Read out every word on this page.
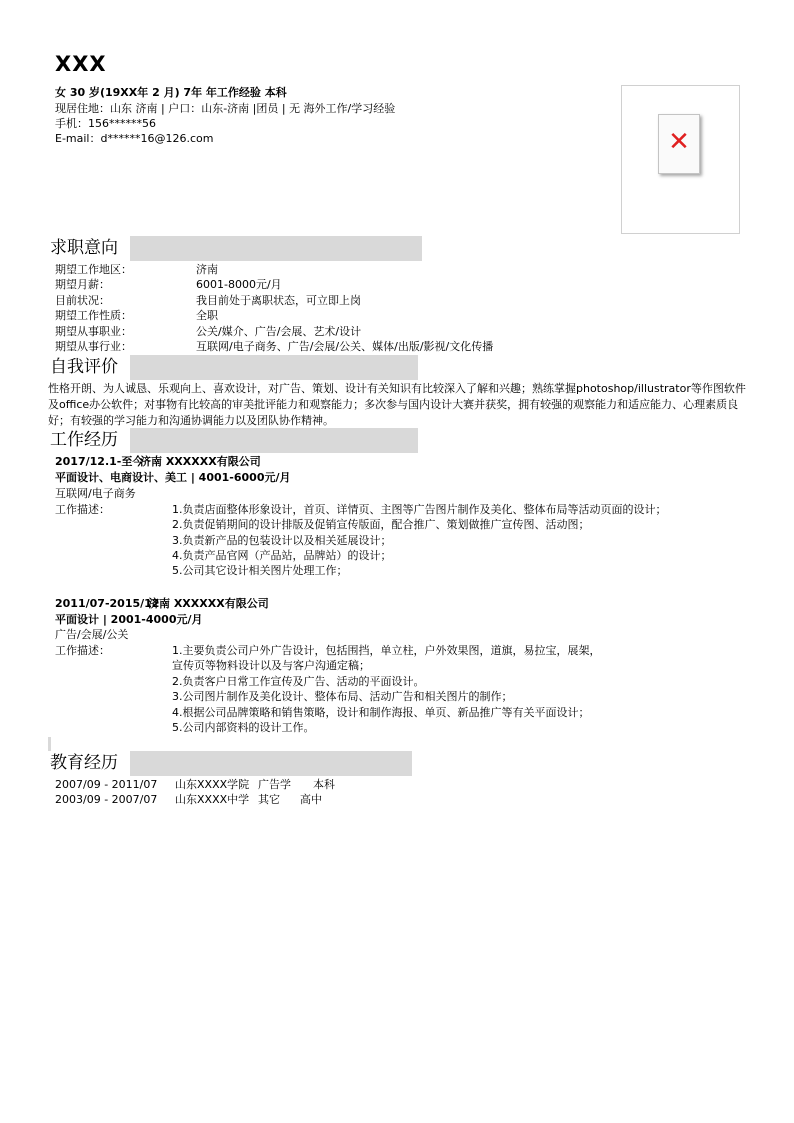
XXX
女 30 岁(19XX年 2 月) 7年 年工作经验 本科
现居住地：山东 济南 | 户口：山东-济南 |团员 | 无 海外工作/学习经验
手机：156******56
E-mail：d******16@126.com	✕
求职意向
期望工作地区：	济南
期望月薪：	6001-8000元/月
目前状况：	我目前处于离职状态，可立即上岗
期望工作性质：	全职
期望从事职业：	公关/媒介、广告/会展、艺术/设计
期望从事行业：	互联网/电子商务、广告/会展/公关、媒体/出版/影视/文化传播
自我评价
性格开朗、为人诚恳、乐观向上、喜欢设计，对广告、策划、设计有关知识有比较深入了解和兴趣；熟练掌握photoshop/illustrator等作图软件及office办公软件；对事物有比较高的审美批评能力和观察能力；多次参与国内设计大赛并获奖，拥有较强的观察能力和适应能力、心理素质良好；有较强的学习能力和沟通协调能力以及团队协作精神。
工作经历
2017/12.1-至今
济南 XXXXXX有限公司
平面设计、电商设计、美工 | 4001-6000元/月
互联网/电子商务
工作描述：	1.负责店面整体形象设计，首页、详情页、主图等广告图片制作及美化、整体布局等活动页面的设计；
2.负责促销期间的设计排版及促销宣传版面，配合推广、策划做推广宣传图、活动图；
3.负责新产品的包装设计以及相关延展设计；
4.负责产品官网（产品站，品牌站）的设计；
5.公司其它设计相关图片处理工作；
2011/07-2015/12
济南 XXXXXX有限公司
平面设计 | 2001-4000元/月
广告/会展/公关
工作描述：	1.主要负责公司户外广告设计，包括围挡，单立柱，户外效果图，道旗，易拉宝，展架，
宣传页等物料设计以及与客户沟通定稿；
2.负责客户日常工作宣传及广告、活动的平面设计。
3.公司图片制作及美化设计、整体布局、活动广告和相关图片的制作；
4.根据公司品牌策略和销售策略，设计和制作海报、单页、新品推广等有关平面设计；
5.公司内部资料的设计工作。
教育经历
2007/09 - 2011/07 山东XXXX学院 广告学 本科
2003/09 - 2007/07 山东XXXX中学 其它 高中
